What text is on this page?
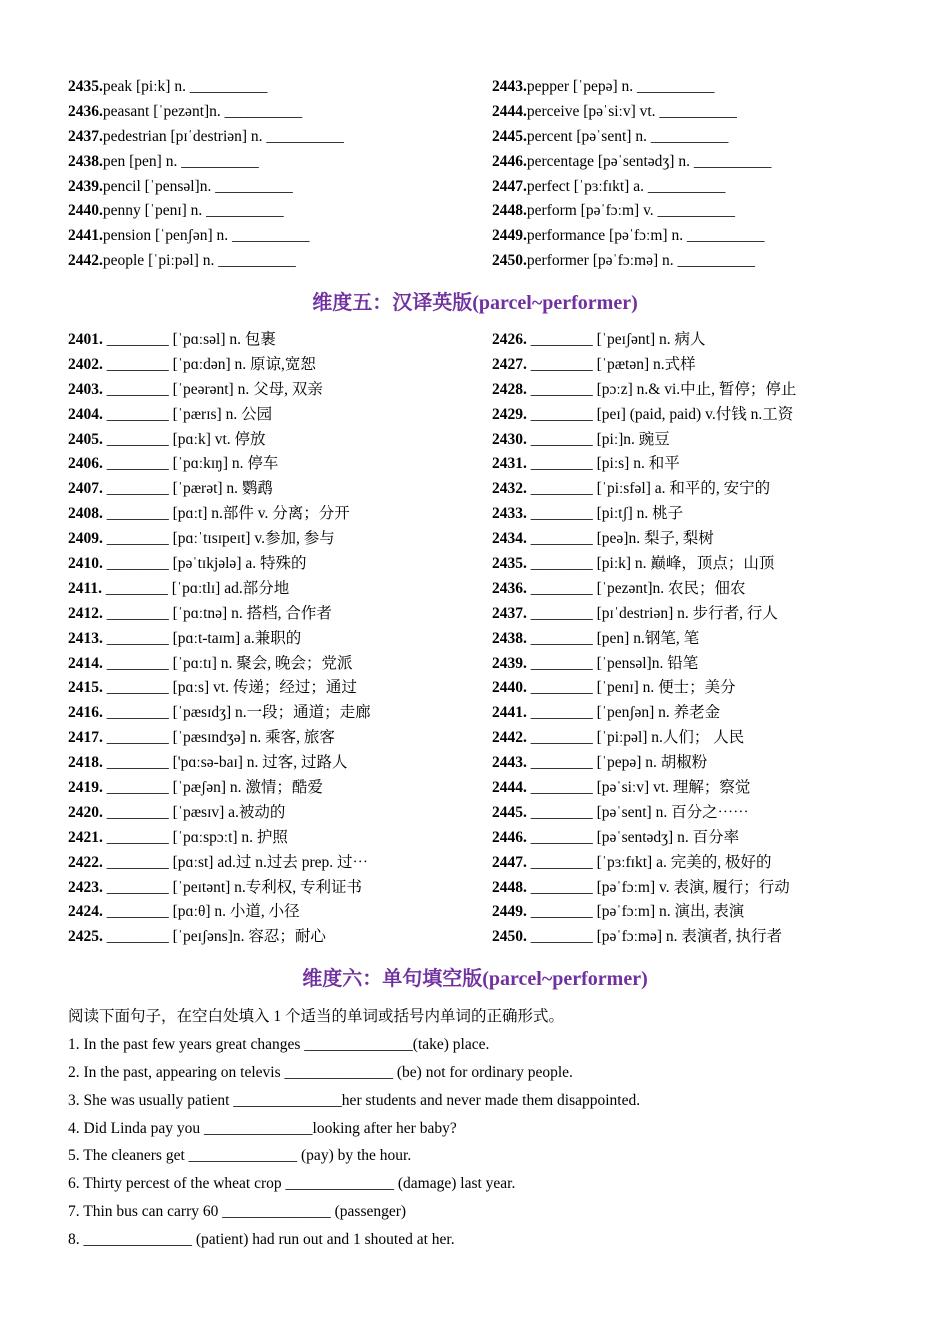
2435.peak [piːk] n. __________
2436.peasant [ˈpezənt]n. __________
2437.pedestrian [pɪˈdestriən] n. __________
2438.pen [pen] n. __________
2439.pencil [ˈpensəl]n. __________
2440.penny [ˈpenɪ] n. __________
2441.pension [ˈpenʃən] n. __________
2442.people [ˈpiːpəl] n. __________
2443.pepper [ˈpepə] n. __________
2444.perceive [pəˈsiːv] vt. __________
2445.percent [pəˈsent] n. __________
2446.percentage [pəˈsentədʒ] n. __________
2447.perfect [ˈpɜːfɪkt] a. __________
2448.perform [pəˈfɔːm] v. __________
2449.performance [pəˈfɔːm] n. __________
2450.performer [pəˈfɔːmə] n. __________
维度五：汉译英版(parcel~performer)
2401. ________ [ˈpɑːsəl] n. 包裹
2402. ________ [ˈpɑːdən] n. 原谅,宽恕
2403. ________ [ˈpeərənt] n. 父母, 双亲
2404. ________ [ˈpærɪs] n. 公园
2405. ________ [pɑːk] vt. 停放
2406. ________ [ˈpɑːkɪŋ] n. 停车
2407. ________ [ˈpærət] n. 鹦鹉
2408. ________ [pɑːt] n.部件 v. 分离；分开
2409. ________ [pɑːˈtɪsɪpeɪt] v.参加, 参与
2410. ________ [pəˈtɪkjələ] a. 特殊的
2411. ________ [ˈpɑːtlɪ] ad.部分地
2412. ________ [ˈpɑːtnə] n. 搭档, 合作者
2413. ________ [pɑːt-taɪm] a.兼职的
2414. ________ [ˈpɑːtɪ] n. 聚会, 晚会；党派
2415. ________ [pɑːs] vt. 传递；经过；通过
2416. ________ [ˈpæsɪdʒ] n.一段；通道；走廊
2417. ________ [ˈpæsɪndʒə] n. 乘客, 旅客
2418. ________ ['pɑːsə-baɪ] n. 过客, 过路人
2419. ________ [ˈpæʃən] n. 激情；酷爱
2420. ________ [ˈpæsɪv] a.被动的
2421. ________ [ˈpɑːspɔːt] n. 护照
2422. ________ [pɑːst] ad.过 n.过去 prep. 过⋯
2423. ________ [ˈpeɪtənt] n.专利权, 专利证书
2424. ________ [pɑːθ] n. 小道, 小径
2425. ________ [ˈpeɪʃəns]n. 容忍；耐心
2426. ________ [ˈpeɪʃənt] n. 病人
2427. ________ [ˈpætən] n.式样
2428. ________ [pɔːz] n.& vi.中止, 暂停；停止
2429. ________ [peɪ] (paid, paid) v.付钱 n.工资
2430. ________ [piː]n. 豌豆
2431. ________ [piːs] n. 和平
2432. ________ [ˈpiːsfəl] a. 和平的, 安宁的
2433. ________ [piːtʃ] n. 桃子
2434. ________ [peə]n. 梨子, 梨树
2435. ________ [piːk] n. 巅峰，顶点；山顶
2436. ________ [ˈpezənt]n. 农民；佃农
2437. ________ [pɪˈdestriən] n. 步行者, 行人
2438. ________ [pen] n.钢笔, 笔
2439. ________ [ˈpensəl]n. 铅笔
2440. ________ [ˈpenɪ] n. 便士；美分
2441. ________ [ˈpenʃən] n. 养老金
2442. ________ [ˈpiːpəl] n.人们； 人民
2443. ________ [ˈpepə] n. 胡椒粉
2444. ________ [pəˈsiːv] vt. 理解；察觉
2445. ________ [pəˈsent] n. 百分之⋯⋯
2446. ________ [pəˈsentədʒ] n. 百分率
2447. ________ [ˈpɜːfɪkt] a. 完美的, 极好的
2448. ________ [pəˈfɔːm] v. 表演, 履行；行动
2449. ________ [pəˈfɔːm] n. 演出, 表演
2450. ________ [pəˈfɔːmə] n. 表演者, 执行者
维度六：单句填空版(parcel~performer)
阅读下面句子，在空白处填入 1 个适当的单词或括号内单词的正确形式。
1. In the past few years great changes ______________(take) place.
2. In the past, appearing on televis ______________ (be) not for ordinary people.
3. She was usually patient ______________her students and never made them disappointed.
4. Did Linda pay you ______________looking after her baby?
5. The cleaners get ______________ (pay) by the hour.
6. Thirty percest of the wheat crop ______________ (damage) last year.
7. Thin bus can carry 60 ______________ (passenger)
8. ______________ (patient) had run out and 1 shouted at her.
